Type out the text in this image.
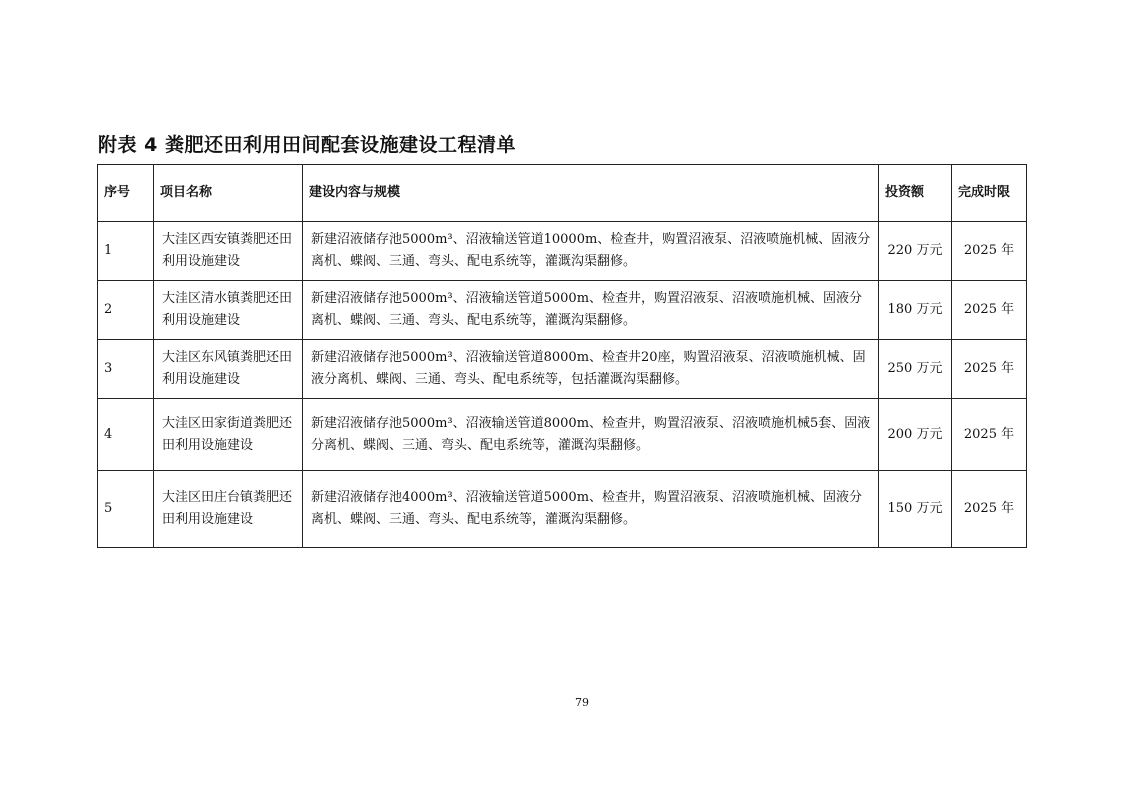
附表 4 粪肥还田利用田间配套设施建设工程清单
序号	项目名称	建设内容与规模	投资额	完成时限
1	大洼区西安镇粪肥还田利用设施建设	新建沼液储存池5000m³、沼液输送管道10000m、检查井，购置沼液泵、沼液喷施机械、固液分离机、蝶阀、三通、弯头、配电系统等，灌溉沟渠翻修。	220 万元	2025 年
2	大洼区清水镇粪肥还田利用设施建设	新建沼液储存池5000m³、沼液输送管道5000m、检查井，购置沼液泵、沼液喷施机械、固液分离机、蝶阀、三通、弯头、配电系统等，灌溉沟渠翻修。	180 万元	2025 年
3	大洼区东风镇粪肥还田利用设施建设	新建沼液储存池5000m³、沼液输送管道8000m、检查井20座，购置沼液泵、沼液喷施机械、固液分离机、蝶阀、三通、弯头、配电系统等，包括灌溉沟渠翻修。	250 万元	2025 年
4	大洼区田家街道粪肥还田利用设施建设	新建沼液储存池5000m³、沼液输送管道8000m、检查井，购置沼液泵、沼液喷施机械5套、固液分离机、蝶阀、三通、弯头、配电系统等，灌溉沟渠翻修。	200 万元	2025 年
5	大洼区田庄台镇粪肥还田利用设施建设	新建沼液储存池4000m³、沼液输送管道5000m、检查井，购置沼液泵、沼液喷施机械、固液分离机、蝶阀、三通、弯头、配电系统等，灌溉沟渠翻修。	150 万元	2025 年
79
